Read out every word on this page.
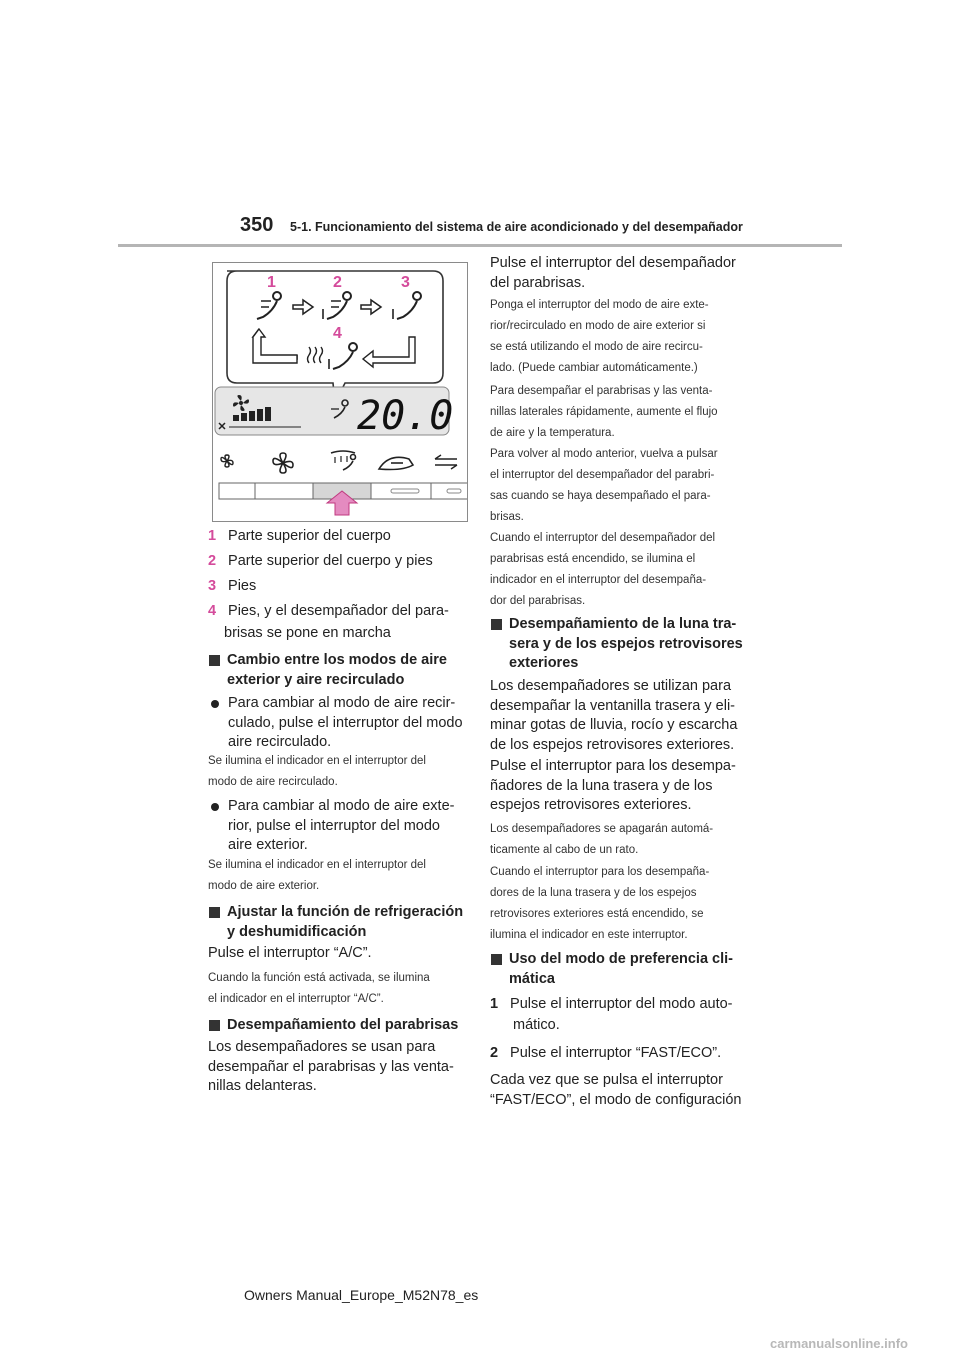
350 5-1. Funcionamiento del sistema de aire acondicionado y del desempañador
1	2	3
4
20.0
1 Parte superior del cuerpo
2 Parte superior del cuerpo y pies
3 Pies
4 Pies, y el desempañador del para-
brisas se pone en marcha
Cambio entre los modos de aire
exterior y aire recirculado
Para cambiar al modo de aire recir-
culado, pulse el interruptor del modo
aire recirculado.
Se ilumina el indicador en el interruptor del
modo de aire recirculado.
Para cambiar al modo de aire exte-
rior, pulse el interruptor del modo
aire exterior.
Se ilumina el indicador en el interruptor del
modo de aire exterior.
Ajustar la función de refrigeración
y deshumidificación
Pulse el interruptor “A/C”.
Cuando la función está activada, se ilumina
el indicador en el interruptor “A/C”.
Desempañamiento del parabrisas
Los desempañadores se usan para
desempañar el parabrisas y las venta-
nillas delanteras.
Pulse el interruptor del desempañador
del parabrisas.
Ponga el interruptor del modo de aire exte-
rior/recirculado en modo de aire exterior si
se está utilizando el modo de aire recircu-
lado. (Puede cambiar automáticamente.)
Para desempañar el parabrisas y las venta-
nillas laterales rápidamente, aumente el flujo
de aire y la temperatura.
Para volver al modo anterior, vuelva a pulsar
el interruptor del desempañador del parabri-
sas cuando se haya desempañado el para-
brisas.
Cuando el interruptor del desempañador del
parabrisas está encendido, se ilumina el
indicador en el interruptor del desempaña-
dor del parabrisas.
Desempañamiento de la luna tra-
sera y de los espejos retrovisores
exteriores
Los desempañadores se utilizan para
desempañar la ventanilla trasera y eli-
minar gotas de lluvia, rocío y escarcha
de los espejos retrovisores exteriores.
Pulse el interruptor para los desempa-
ñadores de la luna trasera y de los
espejos retrovisores exteriores.
Los desempañadores se apagarán automá-
ticamente al cabo de un rato.
Cuando el interruptor para los desempaña-
dores de la luna trasera y de los espejos
retrovisores exteriores está encendido, se
ilumina el indicador en este interruptor.
Uso del modo de preferencia cli-
mática
1 Pulse el interruptor del modo auto-
mático.
2 Pulse el interruptor “FAST/ECO”.
Cada vez que se pulsa el interruptor
“FAST/ECO”, el modo de configuración
Owners Manual_Europe_M52N78_es
carmanualsonline.info
